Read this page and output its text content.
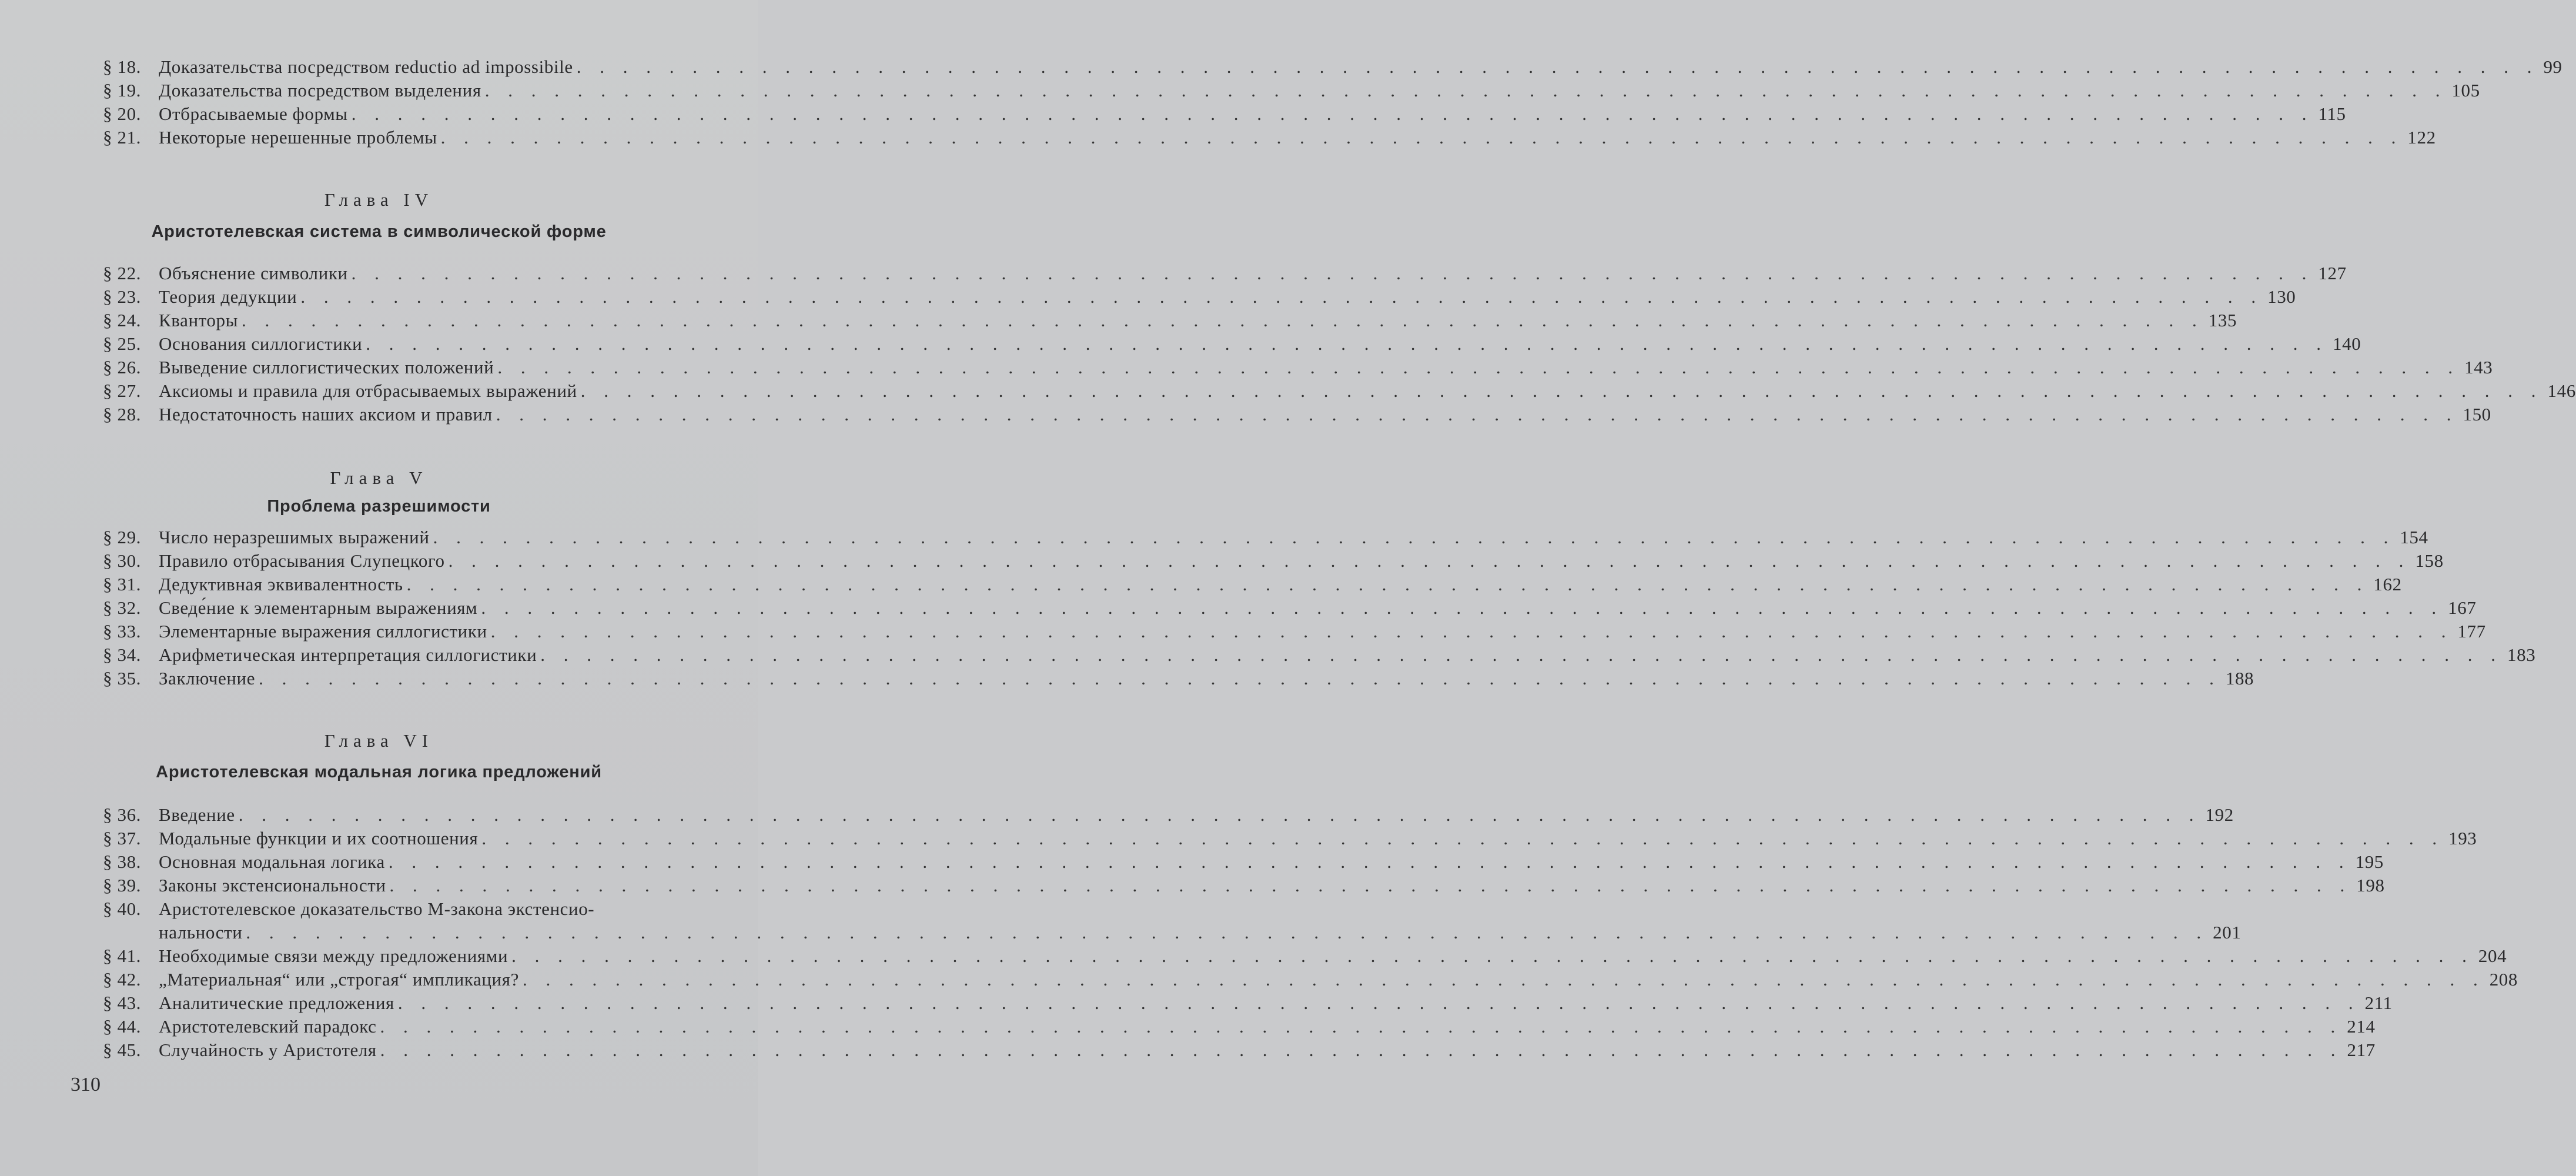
§ 18. Доказательства посредством reductio ad impossibile . . .	99
§ 19. Доказательства посредством выделения . . .	105
§ 20. Отбрасываемые формы . . .	115
§ 21. Некоторые нерешенные проблемы . . .	122
Глава IV
Аристотелевская система в символической форме
§ 22. Объяснение символики . . .	127
§ 23. Теория дедукции . . .	130
§ 24. Кванторы . . .	135
§ 25. Основания силлогистики . . .	140
§ 26. Выведение силлогистических положений . . .	143
§ 27. Аксиомы и правила для отбрасываемых выражений . . .	146
§ 28. Недостаточность наших аксиом и правил . . .	150
Глава V
Проблема разрешимости
§ 29. Число неразрешимых выражений . . .	154
§ 30. Правило отбрасывания Слупецкого . . .	158
§ 31. Дедуктивная эквивалентность . . .	162
§ 32. Сведе́ние к элементарным выражениям . . .	167
§ 33. Элементарные выражения силлогистики . . .	177
§ 34. Арифметическая интерпретация силлогистики . . .	183
§ 35. Заключение . . .	188
Глава VI
Аристотелевская модальная логика предложений
§ 36. Введение . . .	192
§ 37. Модальные функции и их соотношения . . .	193
§ 38. Основная модальная логика . . .	195
§ 39. Законы экстенсиональности . . .	198
§ 40. Аристотелевское доказательство M-закона экстенсио-
нальности . . .	201
§ 41. Необходимые связи между предложениями . . .	204
§ 42. „Материальная“ или „строгая“ импликация? . . .	208
§ 43. Аналитические предложения . . .	211
§ 44. Аристотелевский парадокс . . .	214
§ 45. Случайность у Аристотеля . . .	217
310
